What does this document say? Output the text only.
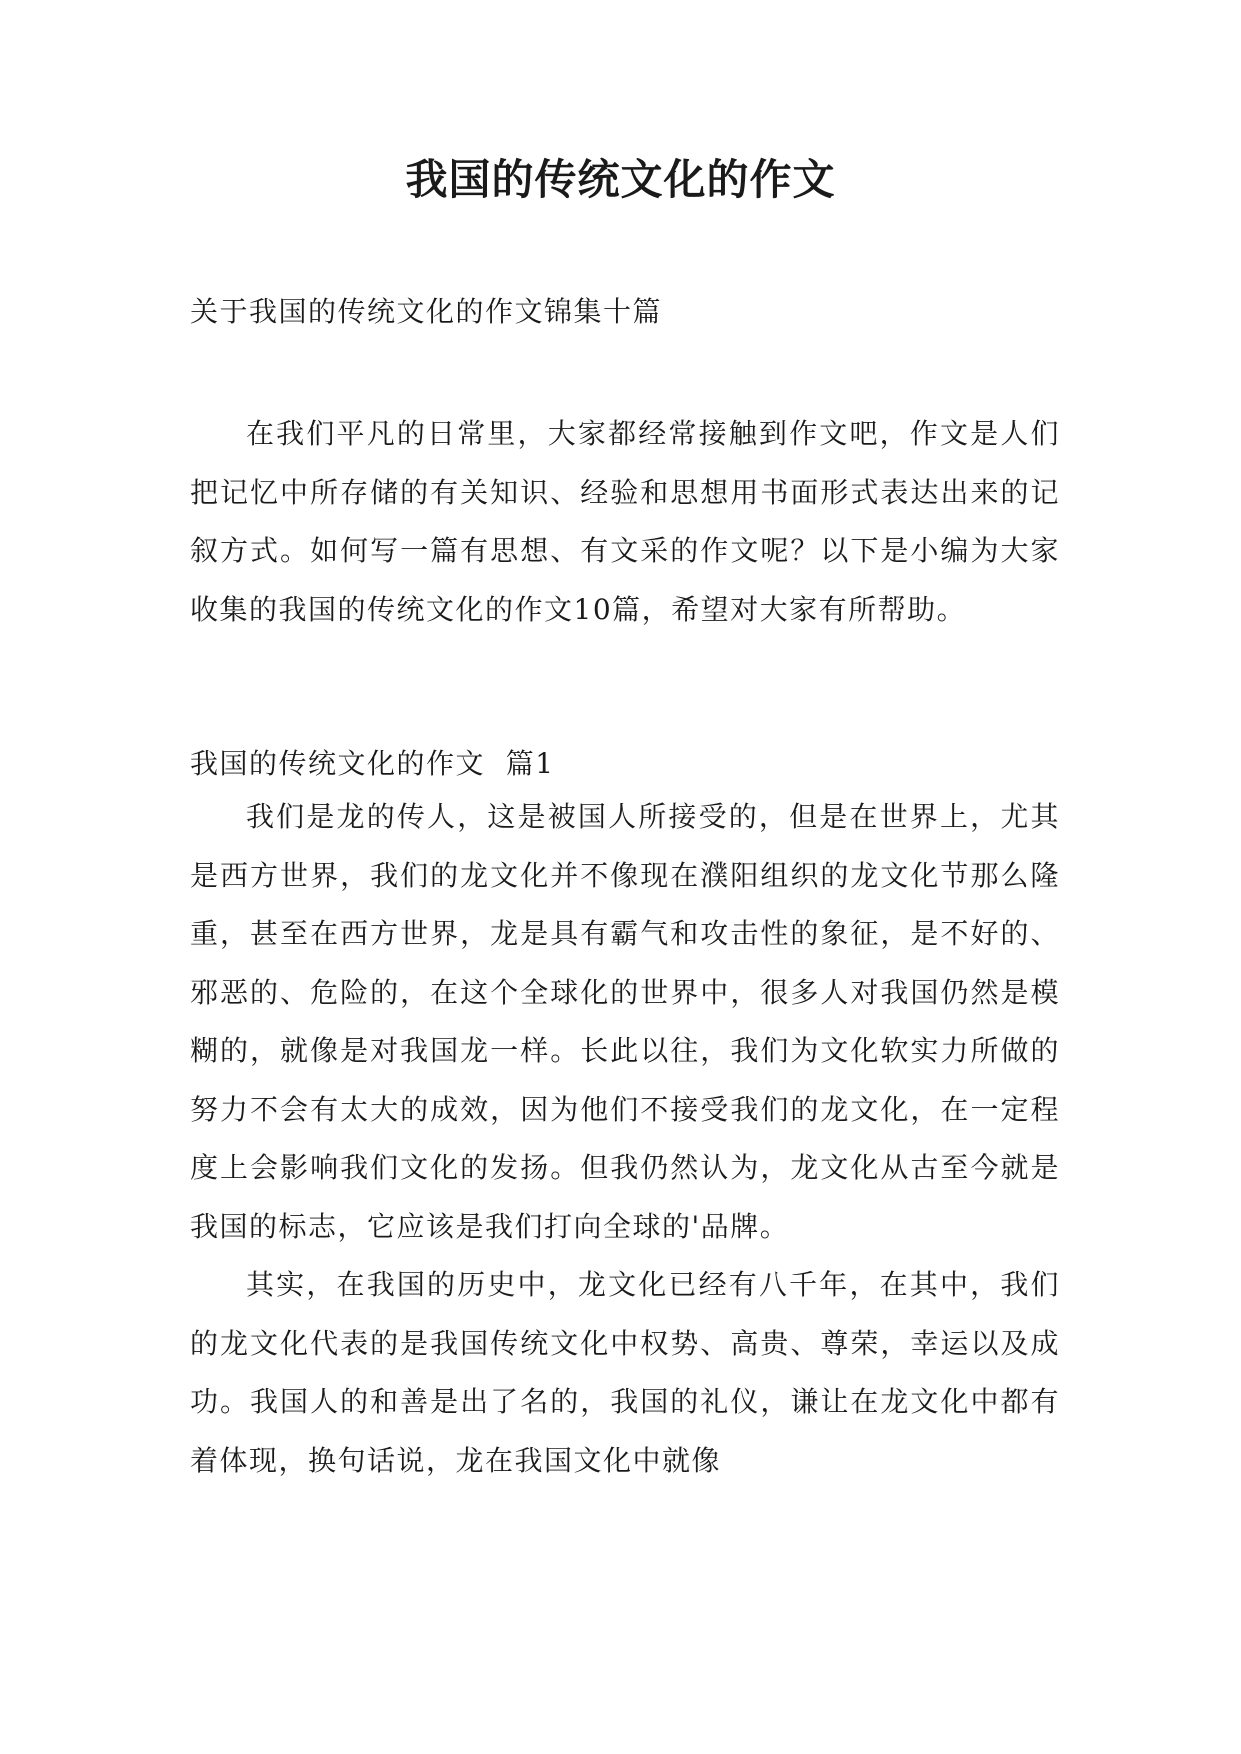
我国的传统文化的作文
关于我国的传统文化的作文锦集十篇

在我们平凡的日常里，大家都经常接触到作文吧，作文是人们把记忆中所存储的有关知识、经验和思想用书面形式表达出来的记叙方式。如何写一篇有思想、有文采的作文呢？以下是小编为大家收集的我国的传统文化的作文10篇，希望对大家有所帮助。

我国的传统文化的作文  篇1

我们是龙的传人，这是被国人所接受的，但是在世界上，尤其是西方世界，我们的龙文化并不像现在濮阳组织的龙文化节那么隆重，甚至在西方世界，龙是具有霸气和攻击性的象征，是不好的、邪恶的、危险的，在这个全球化的世界中，很多人对我国仍然是模糊的，就像是对我国龙一样。长此以往，我们为文化软实力所做的努力不会有太大的成效，因为他们不接受我们的龙文化，在一定程度上会影响我们文化的发扬。但我仍然认为，龙文化从古至今就是我国的标志，它应该是我们打向全球的'品牌。

其实，在我国的历史中，龙文化已经有八千年，在其中，我们的龙文化代表的是我国传统文化中权势、高贵、尊荣，幸运以及成功。我国人的和善是出了名的，我国的礼仪，谦让在龙文化中都有着体现，换句话说，龙在我国文化中就像
